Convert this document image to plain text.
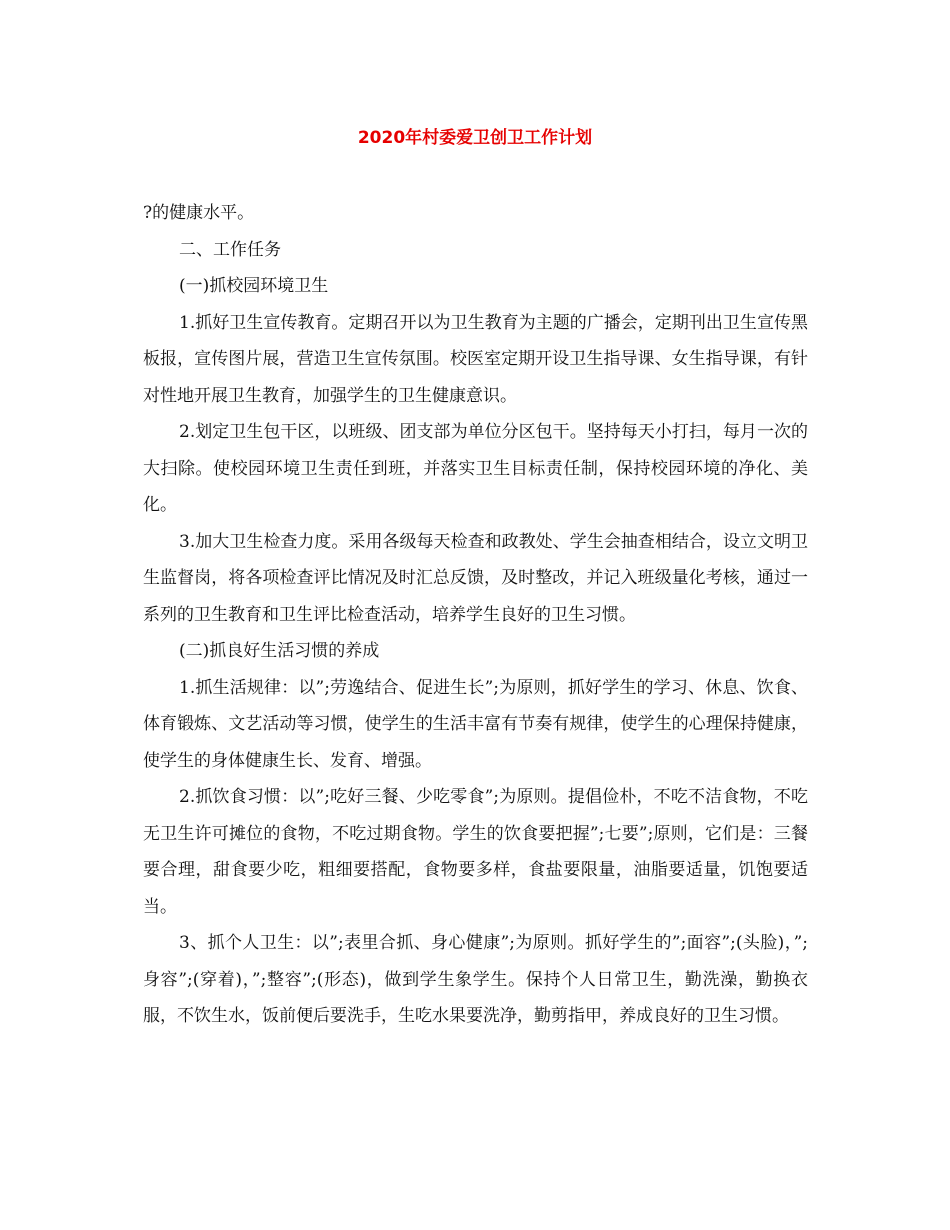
2020年村委爱卫创卫工作计划

?的健康水平。

二、工作任务

(一)抓校园环境卫生

1.抓好卫生宣传教育。定期召开以为卫生教育为主题的广播会，定期刊出卫生宣传黑板报，宣传图片展，营造卫生宣传氛围。校医室定期开设卫生指导课、女生指导课，有针对性地开展卫生教育，加强学生的卫生健康意识。

2.划定卫生包干区，以班级、团支部为单位分区包干。坚持每天小打扫，每月一次的大扫除。使校园环境卫生责任到班，并落实卫生目标责任制，保持校园环境的净化、美化。

3.加大卫生检查力度。采用各级每天检查和政教处、学生会抽查相结合，设立文明卫生监督岗，将各项检查评比情况及时汇总反馈，及时整改，并记入班级量化考核，通过一系列的卫生教育和卫生评比检查活动，培养学生良好的卫生习惯。

(二)抓良好生活习惯的养成

1.抓生活规律：以”;劳逸结合、促进生长”;为原则，抓好学生的学习、休息、饮食、体育锻炼、文艺活动等习惯，使学生的生活丰富有节奏有规律，使学生的心理保持健康，使学生的身体健康生长、发育、增强。

2.抓饮食习惯：以”;吃好三餐、少吃零食”;为原则。提倡俭朴，不吃不洁食物，不吃无卫生许可摊位的食物，不吃过期食物。学生的饮食要把握”;七要”;原则，它们是：三餐要合理，甜食要少吃，粗细要搭配，食物要多样，食盐要限量，油脂要适量，饥饱要适当。

3、抓个人卫生：以”;表里合抓、身心健康”;为原则。抓好学生的”;面容”;(头脸)，”;身容”;(穿着)，”;整容”;(形态)，做到学生象学生。保持个人日常卫生，勤洗澡，勤换衣服，不饮生水，饭前便后要洗手，生吃水果要洗净，勤剪指甲，养成良好的卫生习惯。
